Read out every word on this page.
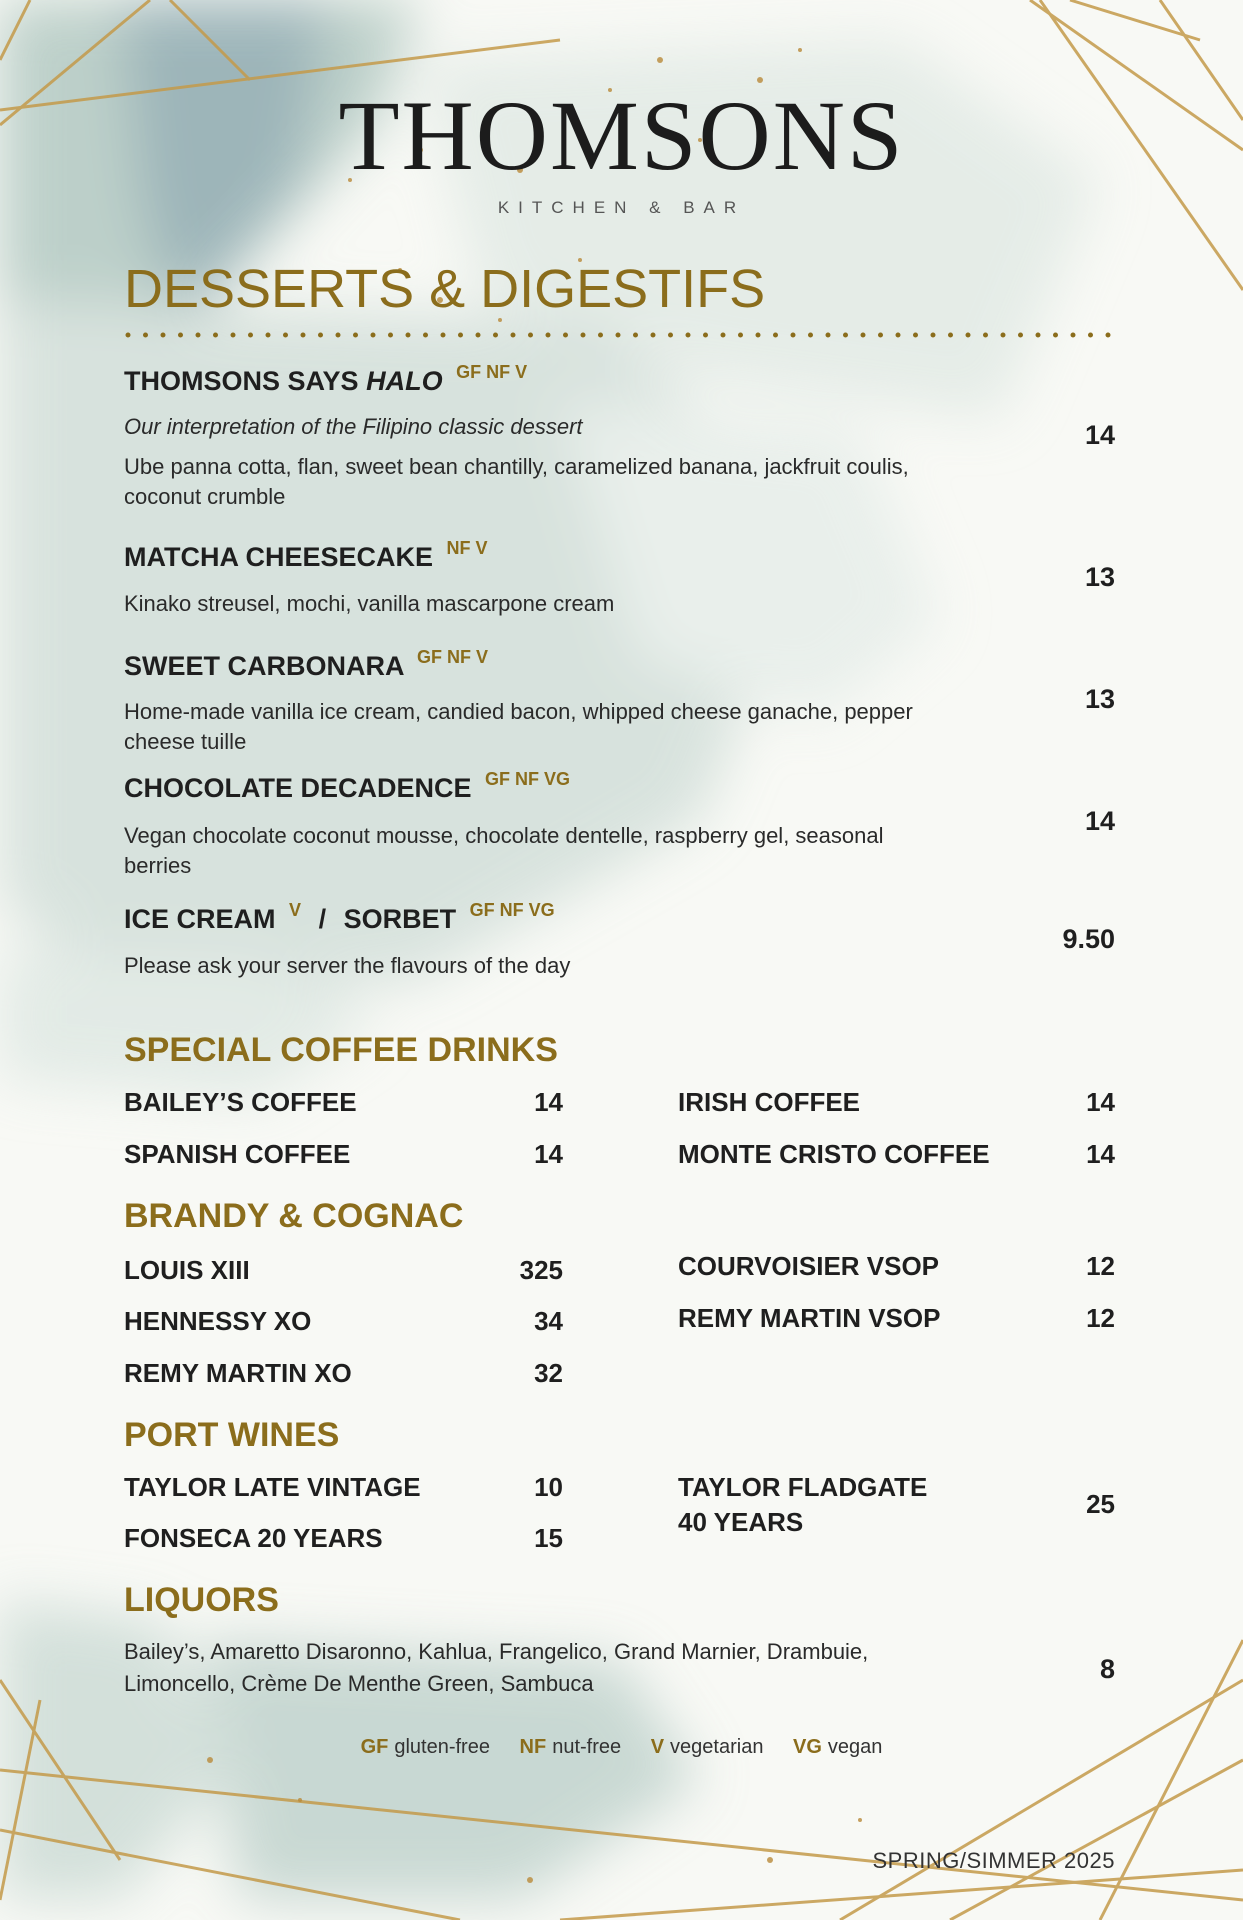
THOMSONS
KITCHEN & BAR
DESSERTS & DIGESTIFS
THOMSONS SAYS HALO $^{GF NF V}$
Our interpretation of the Filipino classic dessert
Ube panna cotta, flan, sweet bean chantilly, caramelized banana, jackfruit coulis, coconut crumble
14
MATCHA CHEESECAKE $^{NF V}$
Kinako streusel, mochi, vanilla mascarpone cream
13
SWEET CARBONARA $^{GF NF V}$
Home-made vanilla ice cream, candied bacon, whipped cheese ganache, pepper cheese tuille
13
CHOCOLATE DECADENCE $^{GF NF VG}$
Vegan chocolate coconut mousse, chocolate dentelle, raspberry gel, seasonal berries
14
ICE CREAM $^V$ / SORBET $^{GF NF VG}$
Please ask your server the flavours of the day
9.50
SPECIAL COFFEE DRINKS
BAILEY’S COFFEE	14
SPANISH COFFEE	14
IRISH COFFEE	14
MONTE CRISTO COFFEE	14
BRANDY & COGNAC
LOUIS XIII	325
HENNESSY XO	34
REMY MARTIN XO	32
COURVOISIER VSOP	12
REMY MARTIN VSOP	12
PORT WINES
TAYLOR LATE VINTAGE	10
FONSECA 20 YEARS	15
TAYLOR FLADGATE
40 YEARS
25
LIQUORS
Bailey’s, Amaretto Disaronno, Kahlua, Frangelico, Grand Marnier, Drambuie, Limoncello, Crème De Menthe Green, Sambuca	8
GF gluten-free NF nut-free V vegetarian VG vegan
SPRING/SIMMER 2025
